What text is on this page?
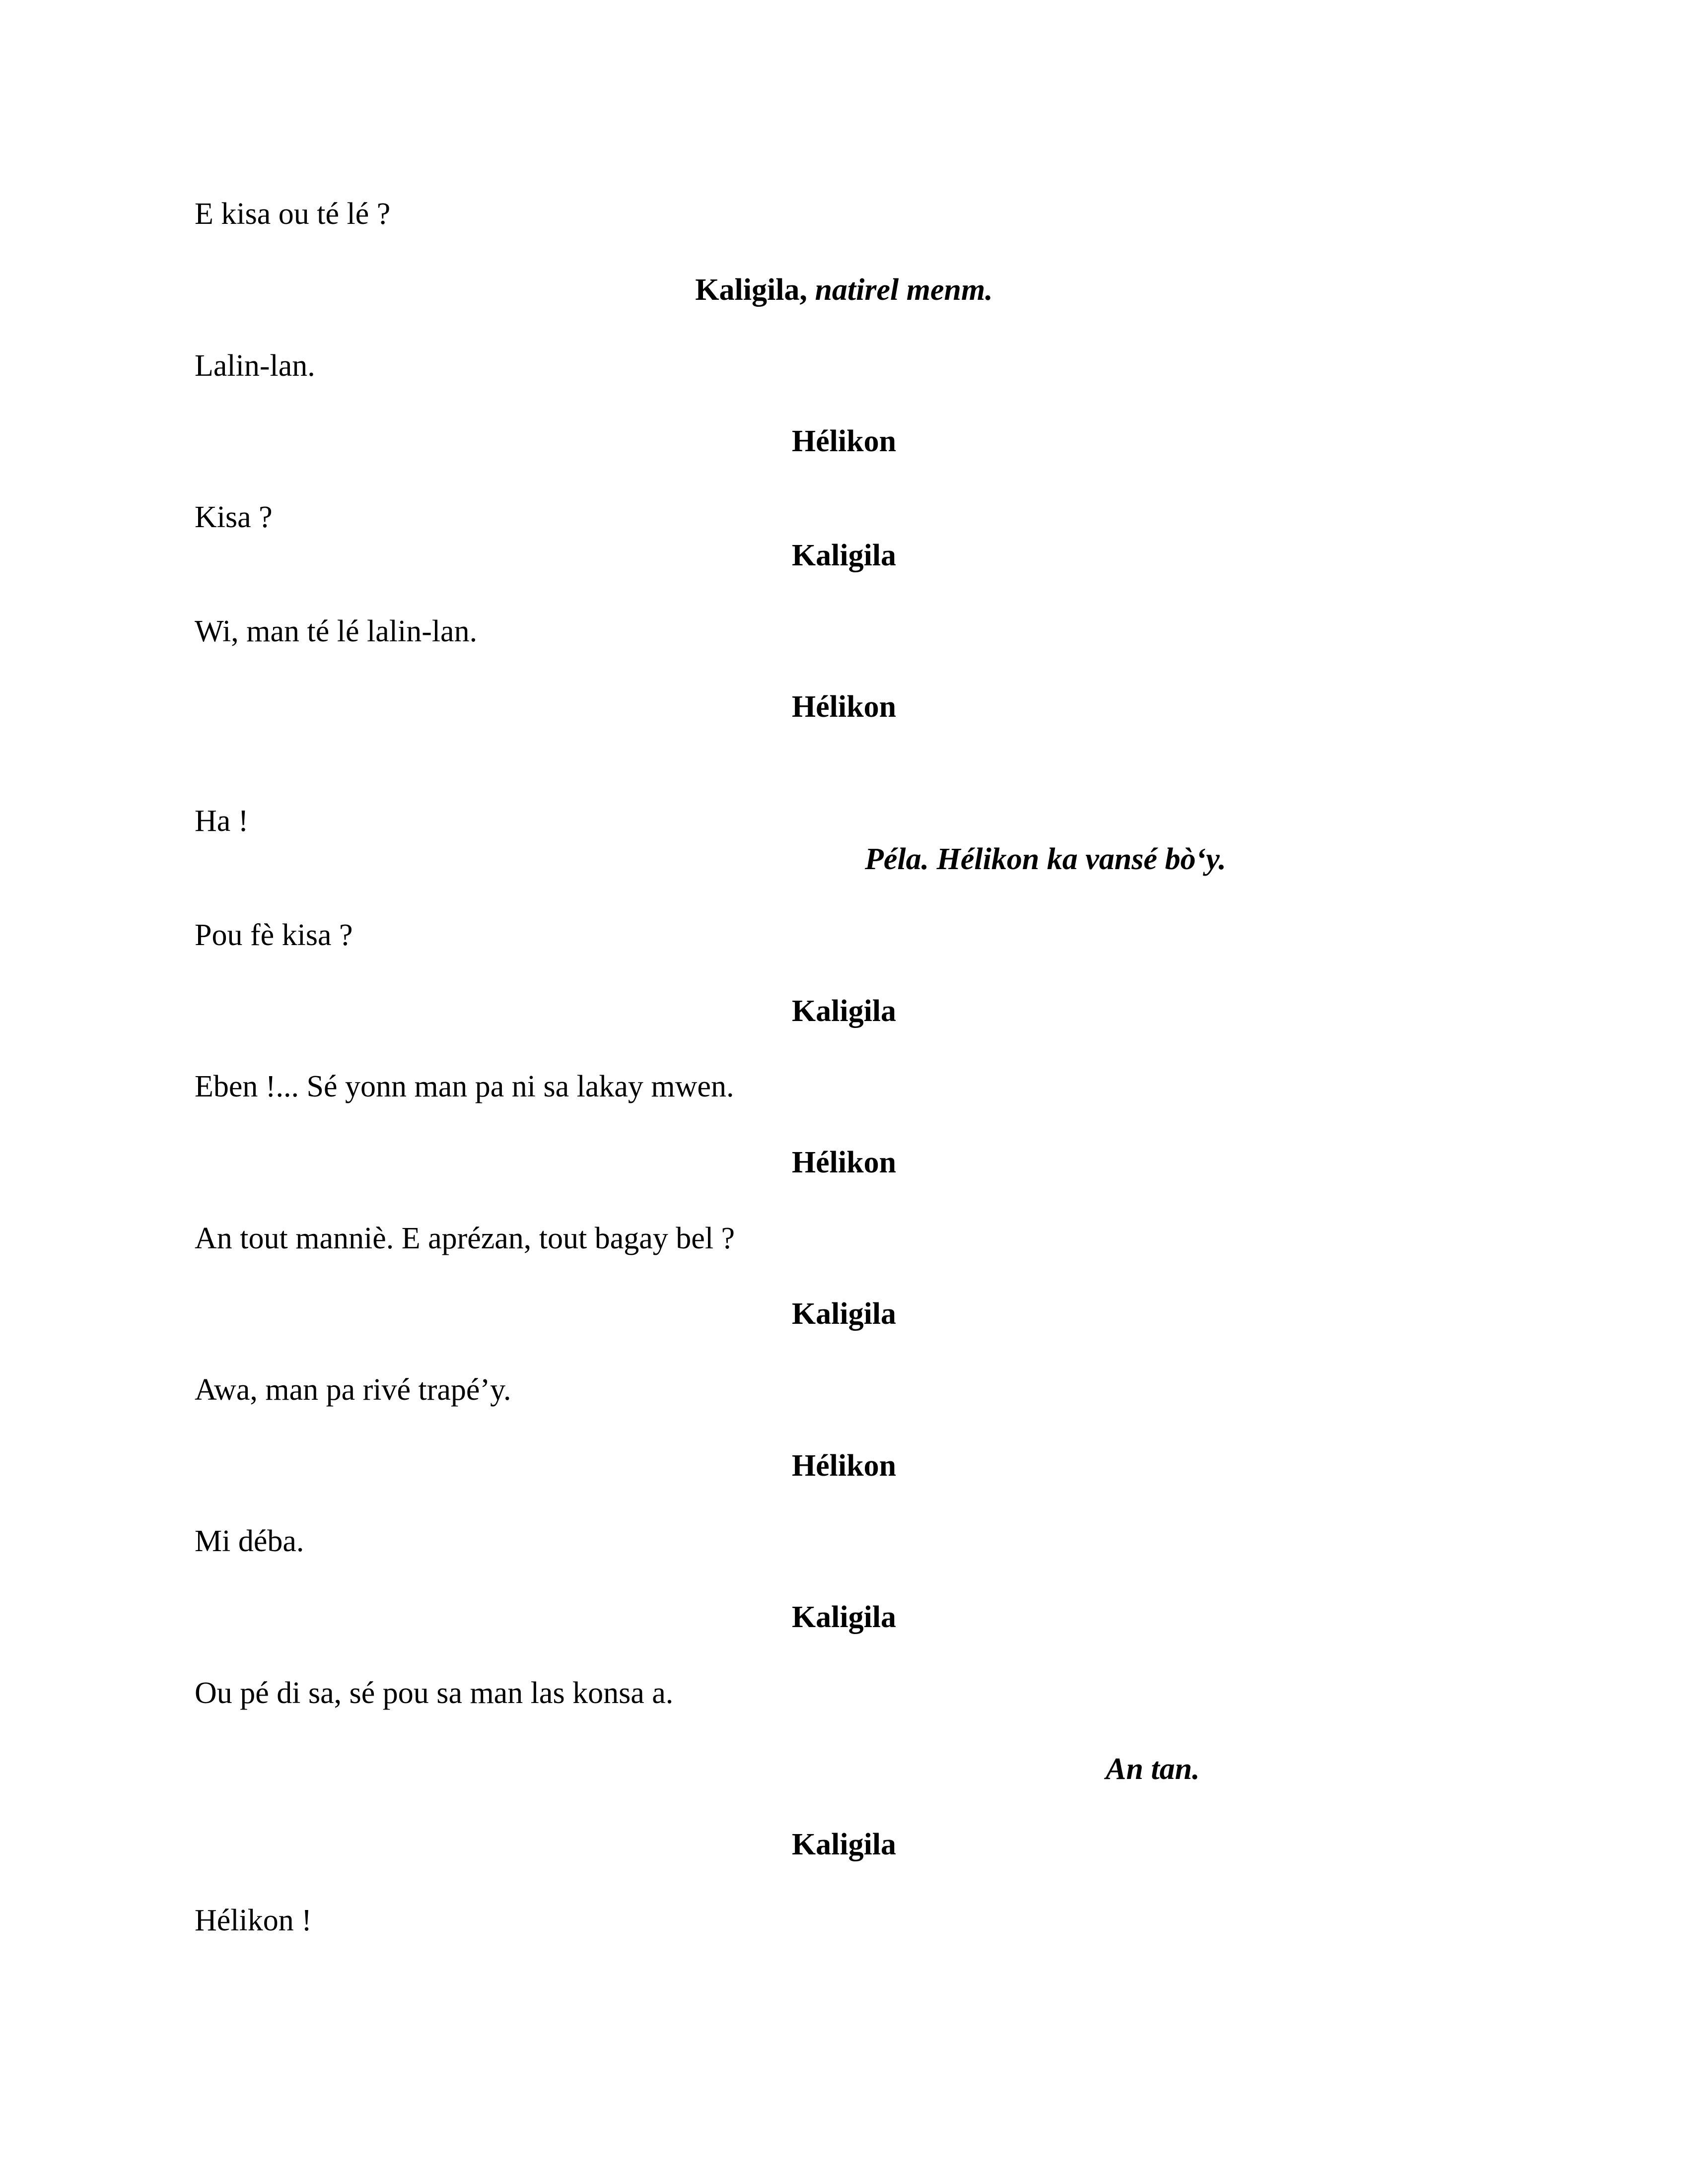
E kisa ou té lé ?
Kaligila, natirel menm.
Lalin-lan.
Hélikon
Kisa ?
Kaligila
Wi, man té lé lalin-lan.
Hélikon
Ha !
Péla. Hélikon ka vansé bò‘y.
Pou fè kisa ?
Kaligila
Eben !... Sé yonn man pa ni sa lakay mwen.
Hélikon
An tout manniè. E aprézan, tout bagay bel ?
Kaligila
Awa, man pa rivé trapé’y.
Hélikon
Mi déba.
Kaligila
Ou pé di sa, sé pou sa man las konsa a.
An tan.
Kaligila
Hélikon !
